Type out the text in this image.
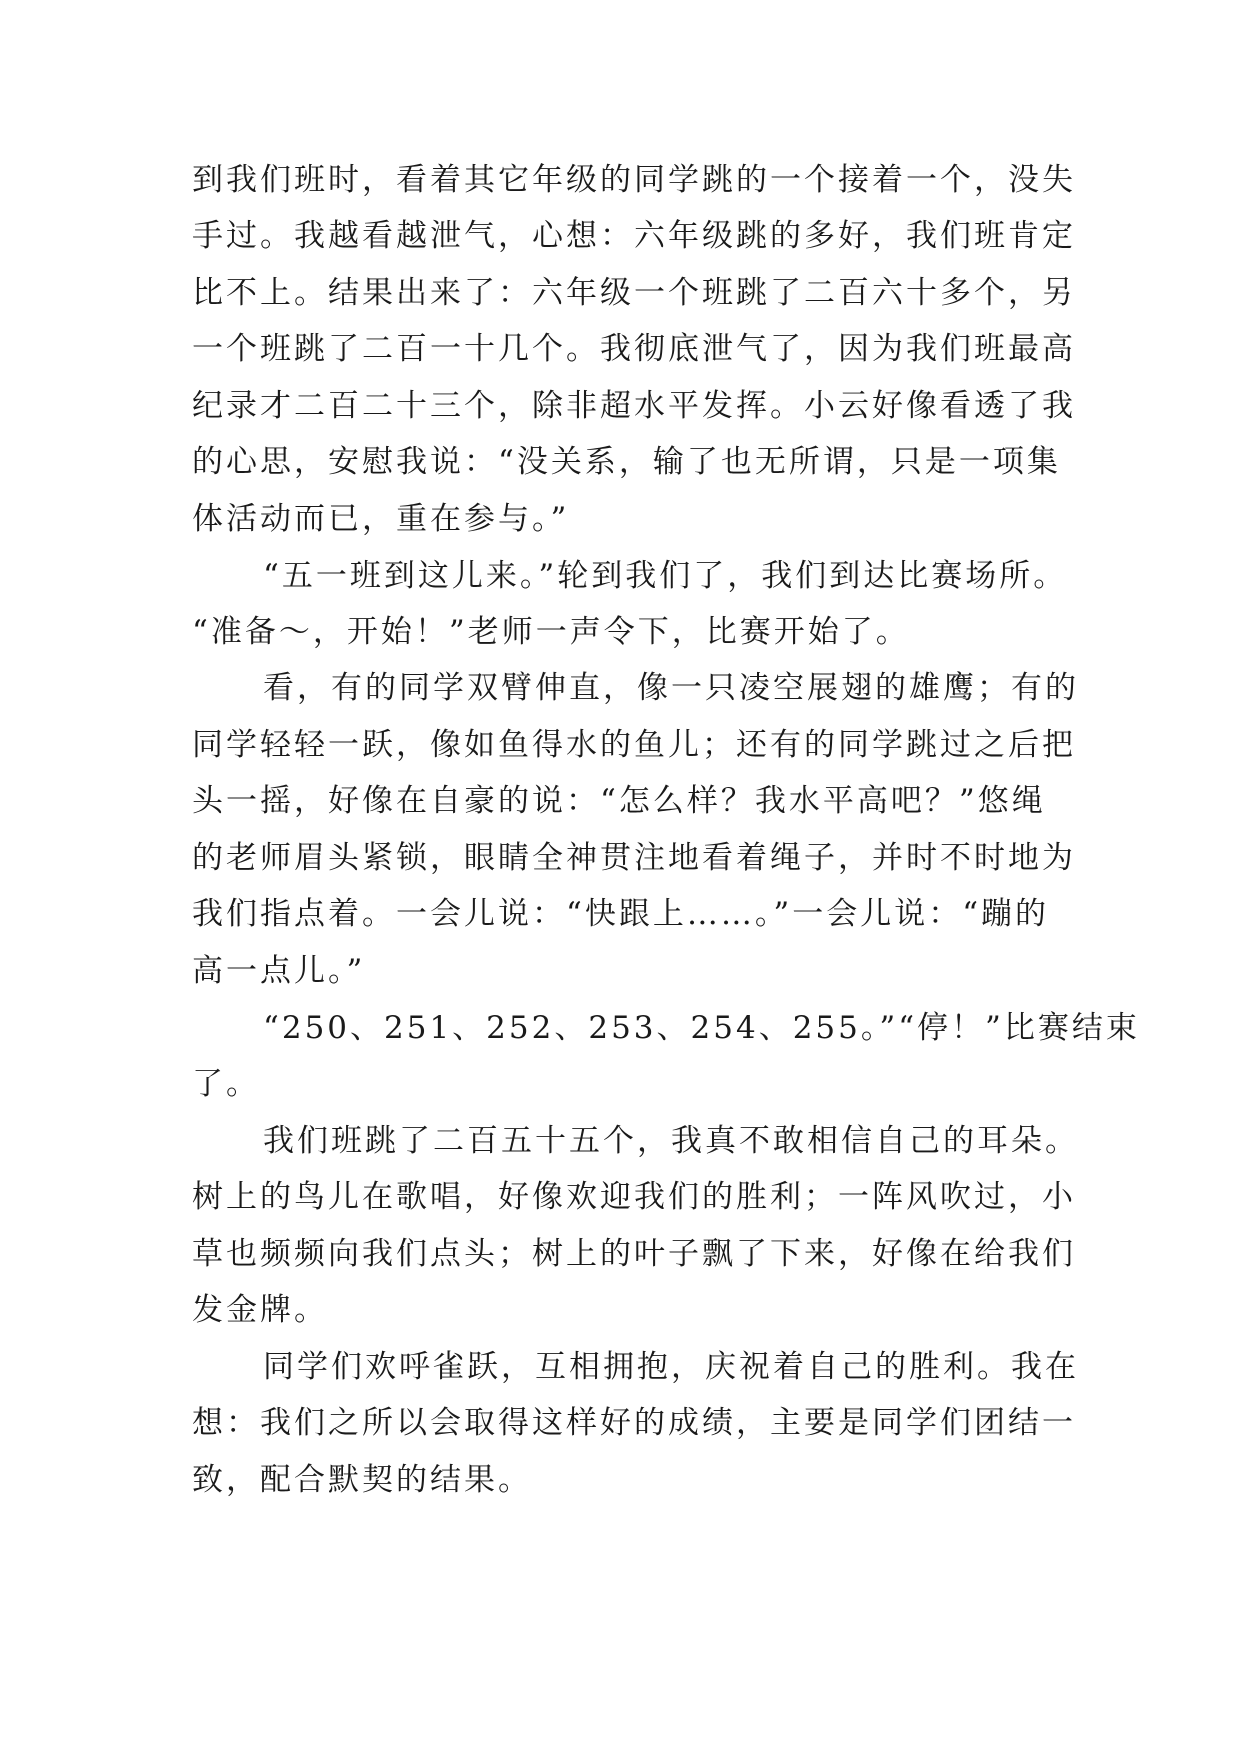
到我们班时，看着其它年级的同学跳的一个接着一个，没失
手过。我越看越泄气，心想：六年级跳的多好，我们班肯定
比不上。结果出来了：六年级一个班跳了二百六十多个，另
一个班跳了二百一十几个。我彻底泄气了，因为我们班最高
纪录才二百二十三个，除非超水平发挥。小云好像看透了我
的心思，安慰我说：“没关系，输了也无所谓，只是一项集
体活动而已，重在参与。”
“五一班到这儿来。”轮到我们了，我们到达比赛场所。
“准备～，开始！”老师一声令下，比赛开始了。
看，有的同学双臂伸直，像一只凌空展翅的雄鹰；有的
同学轻轻一跃，像如鱼得水的鱼儿；还有的同学跳过之后把
头一摇，好像在自豪的说：“怎么样？我水平高吧？”悠绳
的老师眉头紧锁，眼睛全神贯注地看着绳子，并时不时地为
我们指点着。一会儿说：“快跟上……。”一会儿说：“蹦的
高一点儿。”
“250、251、252、253、254、255。”“停！”比赛结束
了。
我们班跳了二百五十五个，我真不敢相信自己的耳朵。
树上的鸟儿在歌唱，好像欢迎我们的胜利；一阵风吹过，小
草也频频向我们点头；树上的叶子飘了下来，好像在给我们
发金牌。
同学们欢呼雀跃，互相拥抱，庆祝着自己的胜利。我在
想：我们之所以会取得这样好的成绩，主要是同学们团结一
致，配合默契的结果。
